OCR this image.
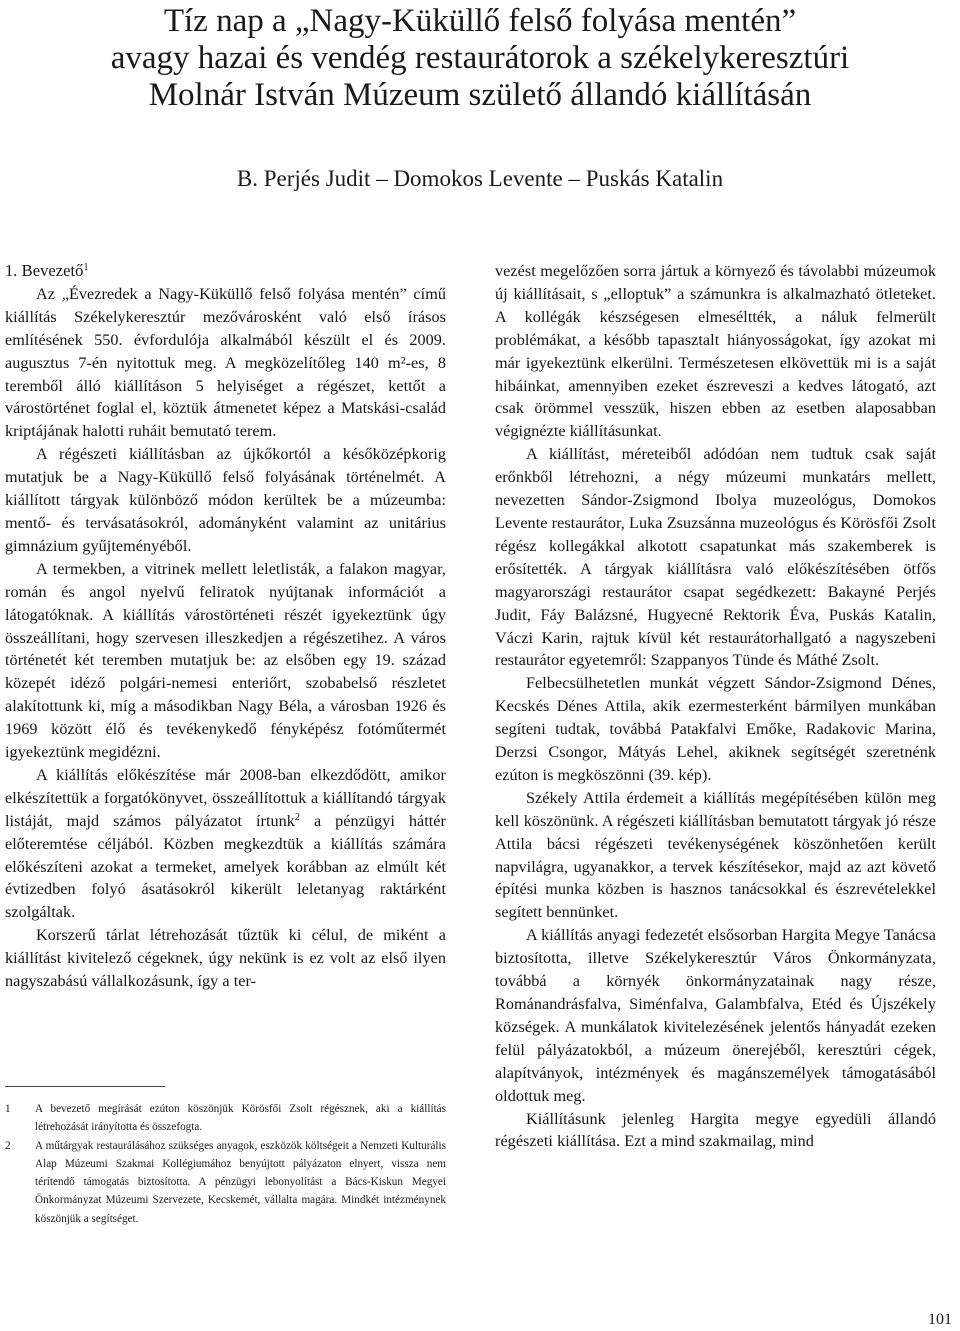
Tíz nap a „Nagy-Küküllő felső folyása mentén”
avagy hazai és vendég restaurátorok a székelykeresztúri
Molnár István Múzeum születő állandó kiállításán
B. Perjés Judit – Domokos Levente – Puskás Katalin

1. Bevezető$^1$

Az „Évezredek a Nagy-Küküllő felső folyása mentén” című kiállítás Székelykeresztúr mezővárosként való első írásos említésének 550. évfordulója alkalmából készült el és 2009. augusztus 7-én nyitottuk meg. A megközelítőleg 140 m²-es, 8 teremből álló kiállításon 5 helyiséget a régészet, kettőt a várostörténet foglal el, köztük átmenetet képez a Matskási-család kriptájának halotti ruháit bemutató terem.

A régészeti kiállításban az újkőkortól a későközépkorig mutatjuk be a Nagy-Küküllő felső folyásának történelmét. A kiállított tárgyak különböző módon kerültek be a múzeumba: mentő- és tervásatásokról, adományként valamint az unitárius gimnázium gyűjteményéből.

A termekben, a vitrinek mellett leletlisták, a falakon magyar, román és angol nyelvű feliratok nyújtanak információt a látogatóknak. A kiállítás várostörténeti részét igyekeztünk úgy összeállítani, hogy szervesen illeszkedjen a régészetihez. A város történetét két teremben mutatjuk be: az elsőben egy 19. század közepét idéző polgári-nemesi enteriőrt, szobabelső részletet alakítottunk ki, míg a másodikban Nagy Béla, a városban 1926 és 1969 között élő és tevékenykedő fényképész fotóműtermét igyekeztünk megidézni.

A kiállítás előkészítése már 2008-ban elkezdődött, amikor elkészítettük a forgatókönyvet, összeállítottuk a kiállítandó tárgyak listáját, majd számos pályázatot írtunk$^2$ a pénzügyi háttér előteremtése céljából. Közben megkezdtük a kiállítás számára előkészíteni azokat a termeket, amelyek korábban az elmúlt két évtizedben folyó ásatásokról kikerült leletanyag raktárként szolgáltak.

Korszerű tárlat létrehozását tűztük ki célul, de miként a kiállítást kivitelező cégeknek, úgy nekünk is ez volt az első ilyen nagyszabású vállalkozásunk, így a ter-

vezést megelőzően sorra jártuk a környező és távolabbi múzeumok új kiállításait, s „elloptuk” a számunkra is alkalmazható ötleteket. A kollégák készségesen elmeséltték, a náluk felmerült problémákat, a később tapasztalt hiányosságokat, így azokat mi már igyekeztünk elkerülni. Természetesen elkövettük mi is a saját hibáinkat, amennyiben ezeket észreveszi a kedves látogató, azt csak örömmel vesszük, hiszen ebben az esetben alaposabban végignézte kiállításunkat.

A kiállítást, méreteiből adódóan nem tudtuk csak saját erőnkből létrehozni, a négy múzeumi munkatárs mellett, nevezetten Sándor-Zsigmond Ibolya muzeológus, Domokos Levente restaurátor, Luka Zsuzsánna muzeológus és Körösfői Zsolt régész kollegákkal alkotott csapatunkat más szakemberek is erősítették. A tárgyak kiállításra való előkészítésében ötfős magyarországi restaurátor csapat segédkezett: Bakayné Perjés Judit, Fáy Balázsné, Hugyecné Rektorik Éva, Puskás Katalin, Váczi Karin, rajtuk kívül két restaurátorhallgató a nagyszebeni restaurátor egyetemről: Szappanyos Tünde és Máthé Zsolt.

Felbecsülhetetlen munkát végzett Sándor-Zsigmond Dénes, Kecskés Dénes Attila, akik ezermesterként bármilyen munkában segíteni tudtak, továbbá Patakfalvi Emőke, Radakovic Marina, Derzsi Csongor, Mátyás Lehel, akiknek segítségét szeretnénk ezúton is megköszönni (39. kép).

Székely Attila érdemeit a kiállítás megépítésében külön meg kell köszönünk. A régészeti kiállításban bemutatott tárgyak jó része Attila bácsi régészeti tevékenységének köszönhetően került napvilágra, ugyanakkor, a tervek készítésekor, majd az azt követő építési munka közben is hasznos tanácsokkal és észrevételekkel segített bennünket.

A kiállítás anyagi fedezetét elsősorban Hargita Megye Tanácsa biztosította, illetve Székelykeresztúr Város Önkormányzata, továbbá a környék önkormányzatainak nagy része, Románandrásfalva, Siménfalva, Galambfalva, Etéd és Újszékely községek. A munkálatok kivitelezésének jelentős hányadát ezeken felül pályázatokból, a múzeum önerejéből, keresztúri cégek, alapítványok, intézmények és magánszemélyek támogatásából oldottuk meg.

Kiállításunk jelenleg Hargita megye egyedüli állandó régészeti kiállítása. Ezt a mind szakmailag, mind

1	A bevezető megírását ezúton köszönjük Körösfői Zsolt régésznek, aki a kiállítás létrehozását irányította és összefogta.
2	A műtárgyak restaurálásához szükséges anyagok, eszközök költségeit a Nemzeti Kulturális Alap Múzeumi Szakmai Kollégiumához benyújtott pályázaton elnyert, vissza nem térítendő támogatás biztosította. A pénzügyi lebonyolítást a Bács-Kiskun Megyei Önkormányzat Múzeumi Szervezete, Kecskemét, vállalta magára. Mindkét intézménynek köszönjük a segítséget.
101
